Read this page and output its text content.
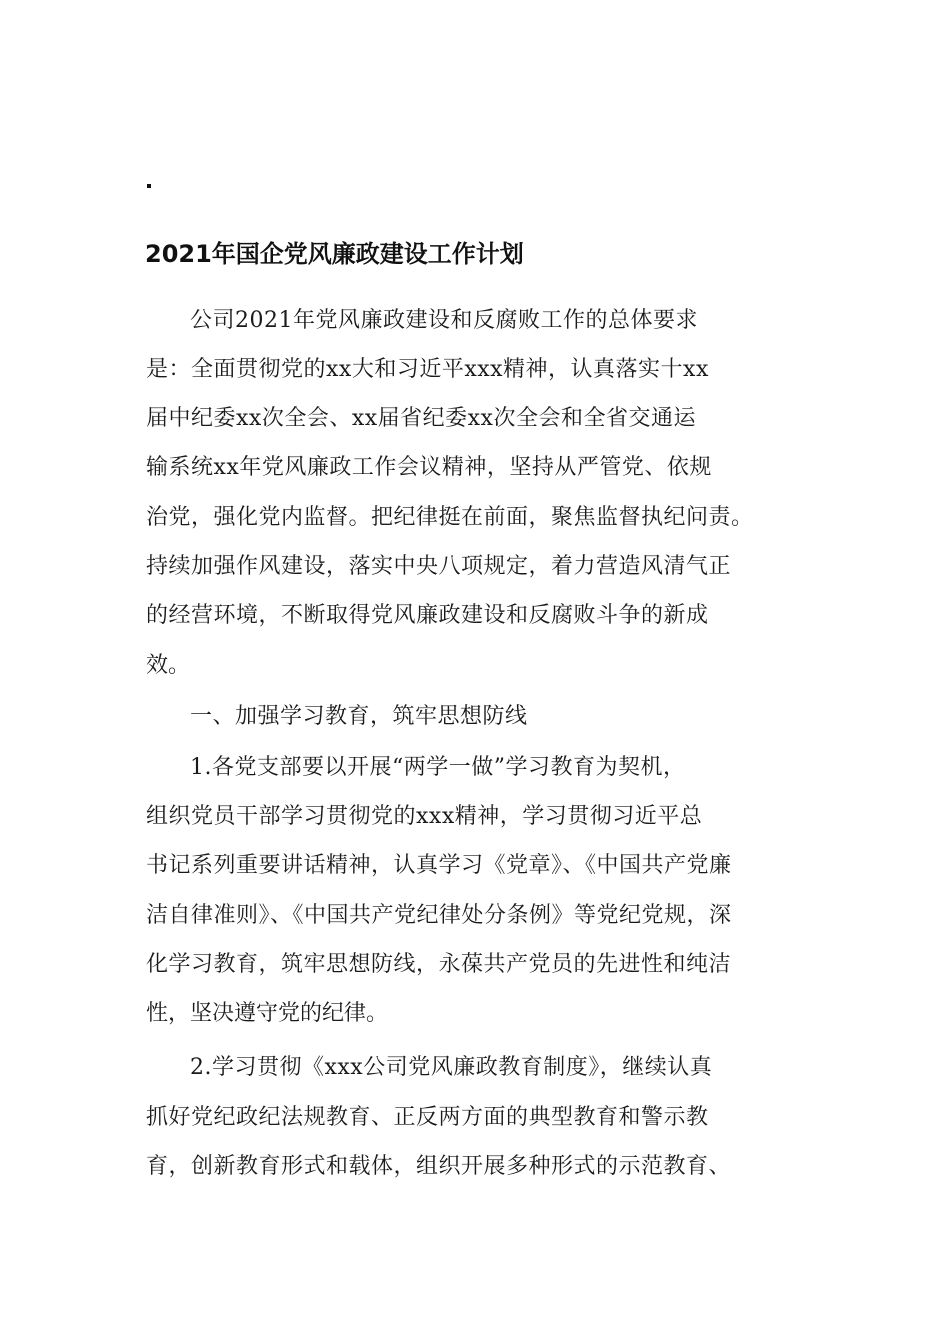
2021年国企党风廉政建设工作计划
公司2021年党风廉政建设和反腐败工作的总体要求
是：全面贯彻党的xx大和习近平xxx精神，认真落实十xx
届中纪委xx次全会、xx届省纪委xx次全会和全省交通运
输系统xx年党风廉政工作会议精神，坚持从严管党、依规
治党，强化党内监督。把纪律挺在前面，聚焦监督执纪问责。
持续加强作风建设，落实中央八项规定，着力营造风清气正
的经营环境，不断取得党风廉政建设和反腐败斗争的新成
效。
一、加强学习教育，筑牢思想防线
1.各党支部要以开展“两学一做”学习教育为契机，
组织党员干部学习贯彻党的xxx精神，学习贯彻习近平总
书记系列重要讲话精神，认真学习《党章》、《中国共产党廉
洁自律准则》、《中国共产党纪律处分条例》等党纪党规，深
化学习教育，筑牢思想防线，永葆共产党员的先进性和纯洁
性，坚决遵守党的纪律。
2.学习贯彻《xxx公司党风廉政教育制度》，继续认真
抓好党纪政纪法规教育、正反两方面的典型教育和警示教
育，创新教育形式和载体，组织开展多种形式的示范教育、
